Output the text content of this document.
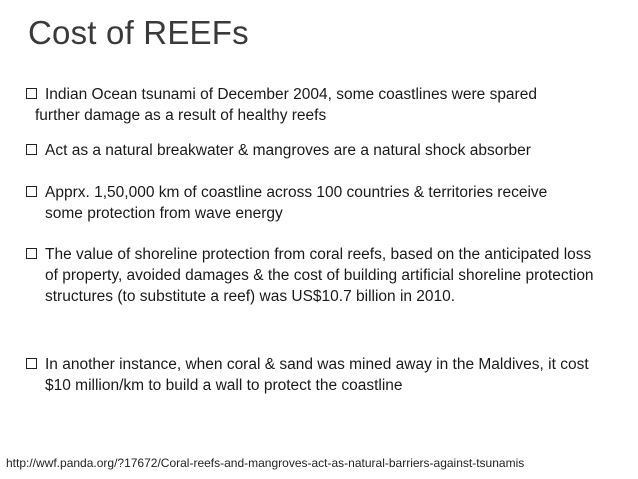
Cost of REEFs
Indian Ocean tsunami of December 2004, some coastlines were spared
further damage as a result of healthy reefs
Act as a natural breakwater & mangroves are a natural shock absorber
Apprx. 1,50,000 km of coastline across 100 countries & territories receive some protection from wave energy
The value of shoreline protection from coral reefs, based on the anticipated loss of property, avoided damages & the cost of building artificial shoreline protection structures (to substitute a reef) was US$10.7 billion in 2010.
In another instance, when coral & sand was mined away in the Maldives, it cost $10 million/km to build a wall to protect the coastline
http://wwf.panda.org/?17672/Coral-reefs-and-mangroves-act-as-natural-barriers-against-tsunamis
